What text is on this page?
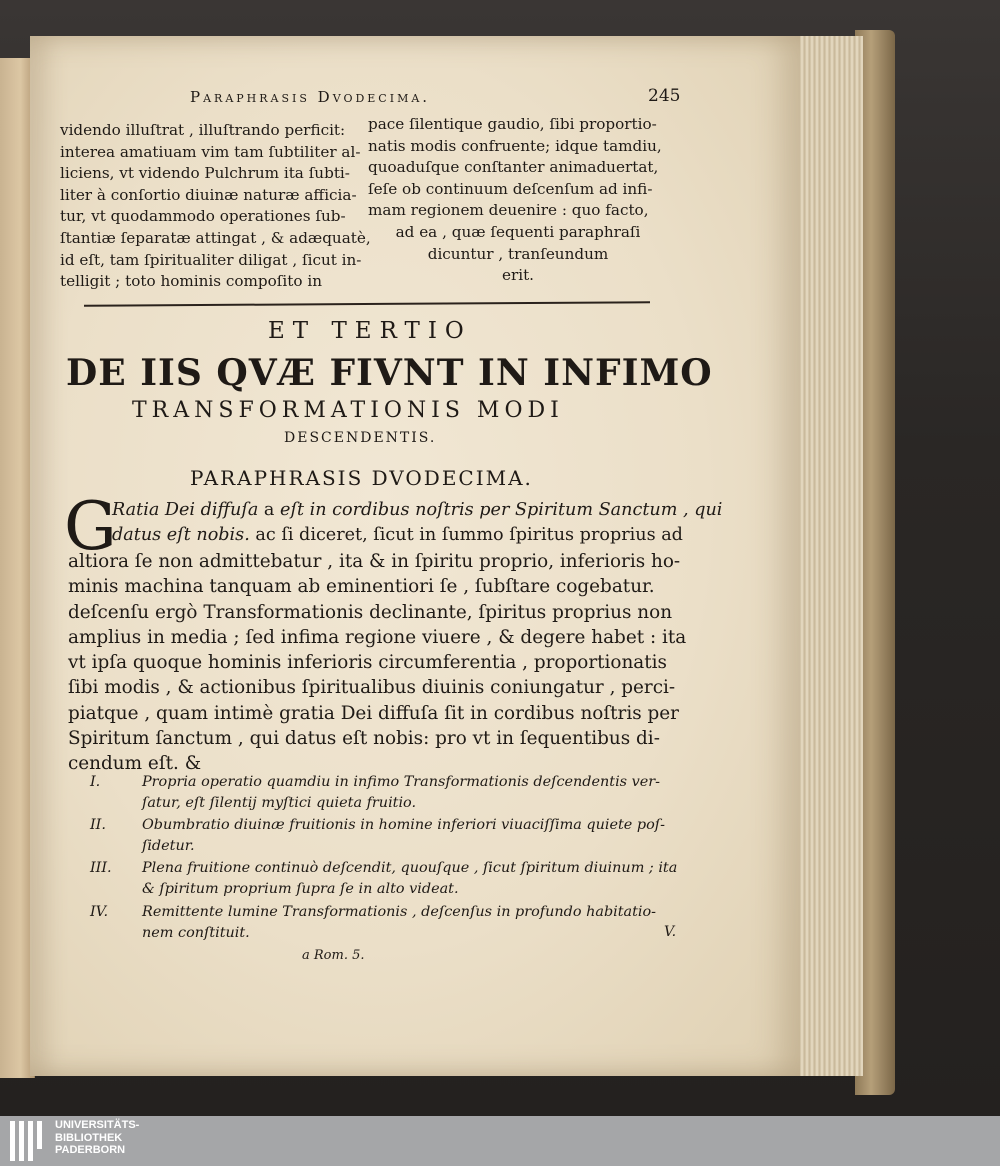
Paraphrasis Dvodecima.	245
videndo illuſtrat , illuſtrando perficit:
interea amatiuam vim tam ſubtiliter al-
liciens, vt videndo Pulchrum ita ſubti-
liter à conſortio diuinæ naturæ afficia-
tur, vt quodammodo operationes ſub-
ſtantiæ ſeparatæ attingat , & adæquatè,
id eſt, tam ſpiritualiter diligat , ſicut in-
telligit ; toto hominis compoſito in
pace ſilentique gaudio, ſibi proportio-
natis modis confruente; idque tamdiu,
quoaduſque conſtanter animaduertat,
ſeſe ob continuum deſcenſum ad infi-
mam regionem deuenire : quo facto,
ad ea , quæ ſequenti paraphraſi
dicuntur , tranſeundum
erit.
ET TERTIO
DE IIS QVÆ FIVNT IN INFIMO
TRANSFORMATIONIS MODI
DESCENDENTIS.
PARAPHRASIS DVODECIMA.
G
Ratia Dei diffuſa a eſt in cordibus noſtris per Spiritum Sanctum , qui
datus eſt nobis. ac ſi diceret, ſicut in ſummo ſpiritus proprius ad
altiora ſe non admittebatur , ita & in ſpiritu proprio, inferioris ho-
minis machina tanquam ab eminentiori ſe , ſubſtare cogebatur.
deſcenſu ergò Transformationis declinante, ſpiritus proprius non
amplius in media ; ſed infima regione viuere , & degere habet : ita
vt ipſa quoque hominis inferioris circumferentia , proportionatis
ſibi modis , & actionibus ſpiritualibus diuinis coniungatur , perci-
piatque , quam intimè gratia Dei diffuſa ſit in cordibus noſtris per
Spiritum ſanctum , qui datus eſt nobis: pro vt in ſequentibus di-
cendum eſt. &
I.	Propria operatio quamdiu in infimo Transformationis deſcendentis ver-
ſatur, eſt ſilentij myſtici quieta fruitio.
II.	Obumbratio diuinæ fruitionis in homine inferiori viuaciſſima quiete poſ-
ſidetur.
III. Plena fruitione continuò deſcendit, quouſque , ſicut ſpiritum diuinum ; ita
& ſpiritum proprium ſupra ſe in alto videat.
IV. Remittente lumine Transformationis , deſcenſus in profundo habitatio-
nem conſtituit.	V.
a Rom. 5.
UNIVERSITÄTS-
BIBLIOTHEK
PADERBORN
